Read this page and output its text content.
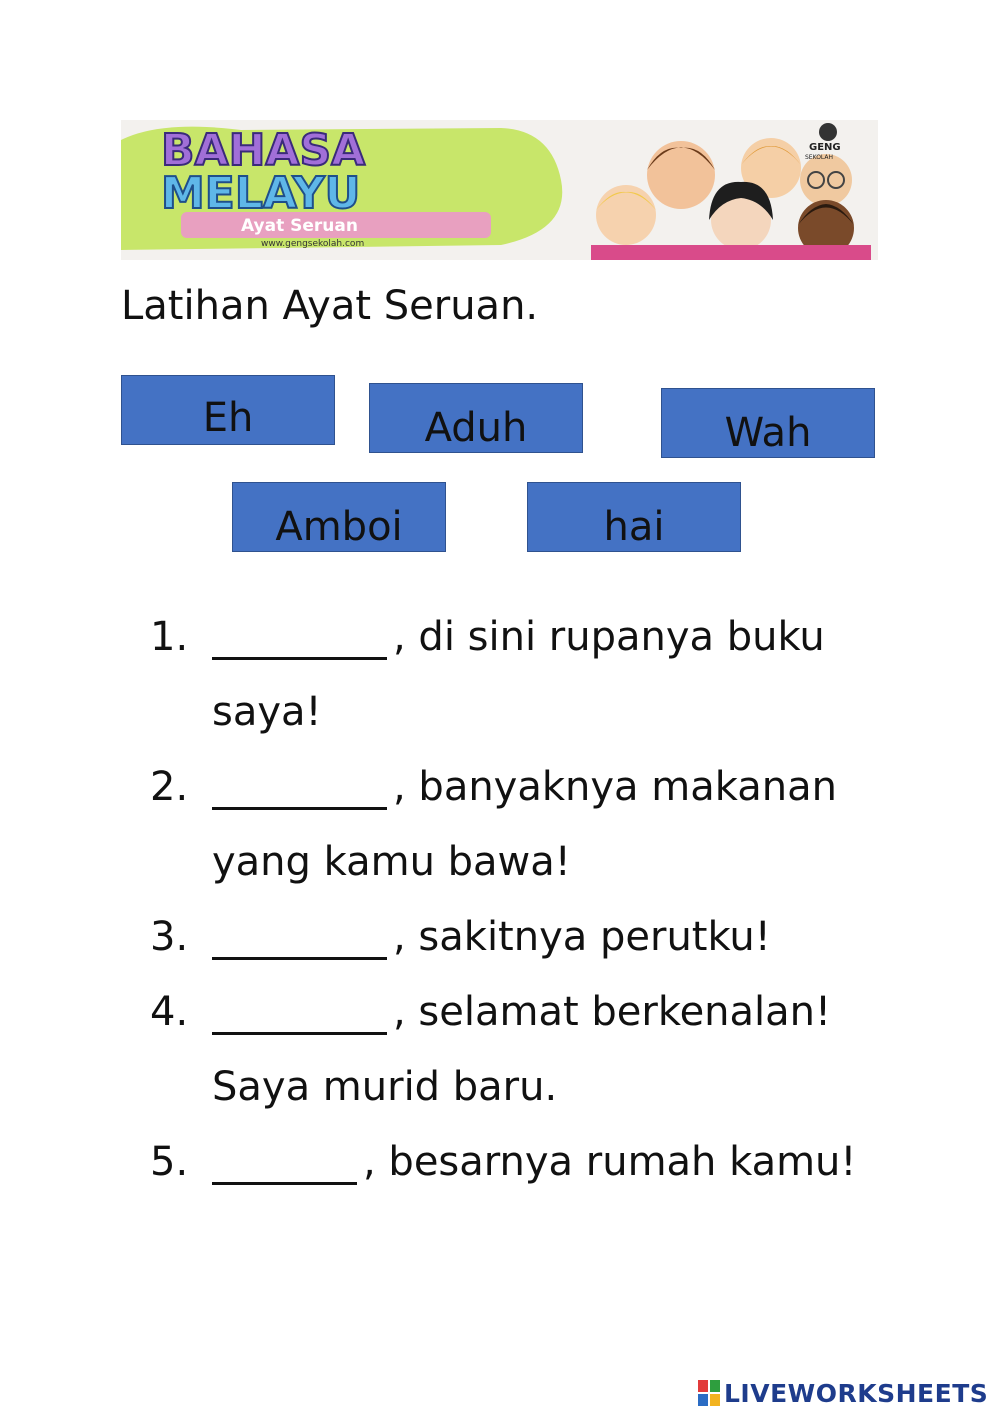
BAHASA
MELAYU
Ayat Seruan
www.gengsekolah.com
GENG
SEKOLAH
Latihan Ayat Seruan.
Eh	Aduh	Wah
Amboi	hai
1.	, di sini rupanya buku saya!
2.	, banyaknya makanan yang kamu bawa!
3.	, sakitnya perutku!
4.	, selamat berkenalan! Saya murid baru.
5.	, besarnya rumah kamu!
LIVEWORKSHEETS
